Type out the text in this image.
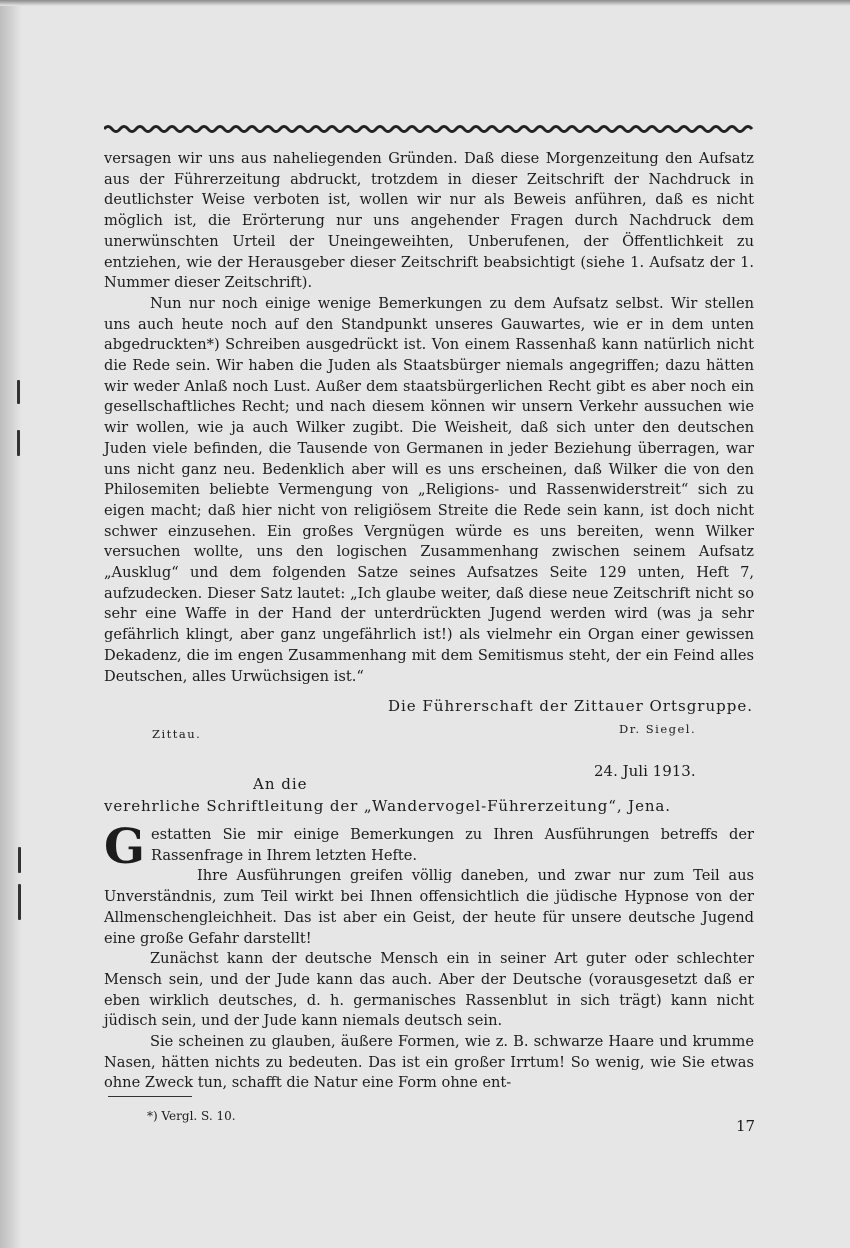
versagen wir uns aus naheliegenden Gründen. Daß diese Morgenzeitung den Aufsatz aus der Führerzeitung abdruckt, trotzdem in dieser Zeitschrift der Nachdruck in deutlichster Weise verboten ist, wollen wir nur als Beweis anführen, daß es nicht möglich ist, die Erörterung nur uns angehender Fragen durch Nachdruck dem unerwünschten Urteil der Uneingeweihten, Unberufenen, der Öffentlichkeit zu entziehen, wie der Herausgeber dieser Zeitschrift beabsichtigt (siehe 1. Aufsatz der 1. Nummer dieser Zeitschrift).

Nun nur noch einige wenige Bemerkungen zu dem Aufsatz selbst. Wir stellen uns auch heute noch auf den Standpunkt unseres Gauwartes, wie er in dem unten abgedruckten*) Schreiben ausgedrückt ist. Von einem Rassenhaß kann natürlich nicht die Rede sein. Wir haben die Juden als Staatsbürger niemals angegriffen; dazu hätten wir weder Anlaß noch Lust. Außer dem staatsbürgerlichen Recht gibt es aber noch ein gesellschaftliches Recht; und nach diesem können wir unsern Verkehr aussuchen wie wir wollen, wie ja auch Wilker zugibt. Die Weisheit, daß sich unter den deutschen Juden viele befinden, die Tausende von Germanen in jeder Beziehung überragen, war uns nicht ganz neu. Bedenklich aber will es uns erscheinen, daß Wilker die von den Philosemiten beliebte Vermengung von „Religions- und Rassenwiderstreit“ sich zu eigen macht; daß hier nicht von religiösem Streite die Rede sein kann, ist doch nicht schwer einzusehen. Ein großes Vergnügen würde es uns bereiten, wenn Wilker versuchen wollte, uns den logischen Zusammenhang zwischen seinem Aufsatz „Ausklug“ und dem folgenden Satze seines Aufsatzes Seite 129 unten, Heft 7, aufzudecken. Dieser Satz lautet: „Ich glaube weiter, daß diese neue Zeitschrift nicht so sehr eine Waffe in der Hand der unterdrückten Jugend werden wird (was ja sehr gefährlich klingt, aber ganz ungefährlich ist!) als vielmehr ein Organ einer gewissen Dekadenz, die im engen Zusammenhang mit dem Semitismus steht, der ein Feind alles Deutschen, alles Urwüchsigen ist.“

Die Führerschaft der Zittauer Ortsgruppe.
Zittau.	Dr. Siegel.
24. Juli 1913.
An die
verehrliche Schriftleitung der „Wandervogel-Führerzeitung“, Jena.

Gestatten Sie mir einige Bemerkungen zu Ihren Ausführungen betreffs der Rassenfrage in Ihrem letzten Hefte.

Ihre Ausführungen greifen völlig daneben, und zwar nur zum Teil aus Unverständnis, zum Teil wirkt bei Ihnen offensichtlich die jüdische Hypnose von der Allmenschengleichheit. Das ist aber ein Geist, der heute für unsere deutsche Jugend eine große Gefahr darstellt!

Zunächst kann der deutsche Mensch ein in seiner Art guter oder schlechter Mensch sein, und der Jude kann das auch. Aber der Deutsche (vorausgesetzt daß er eben wirklich deutsches, d. h. germanisches Rassenblut in sich trägt) kann nicht jüdisch sein, und der Jude kann niemals deutsch sein.

Sie scheinen zu glauben, äußere Formen, wie z. B. schwarze Haare und krumme Nasen, hätten nichts zu bedeuten. Das ist ein großer Irrtum! So wenig, wie Sie etwas ohne Zweck tun, schafft die Natur eine Form ohne ent-

*) Vergl. S. 10.
17
